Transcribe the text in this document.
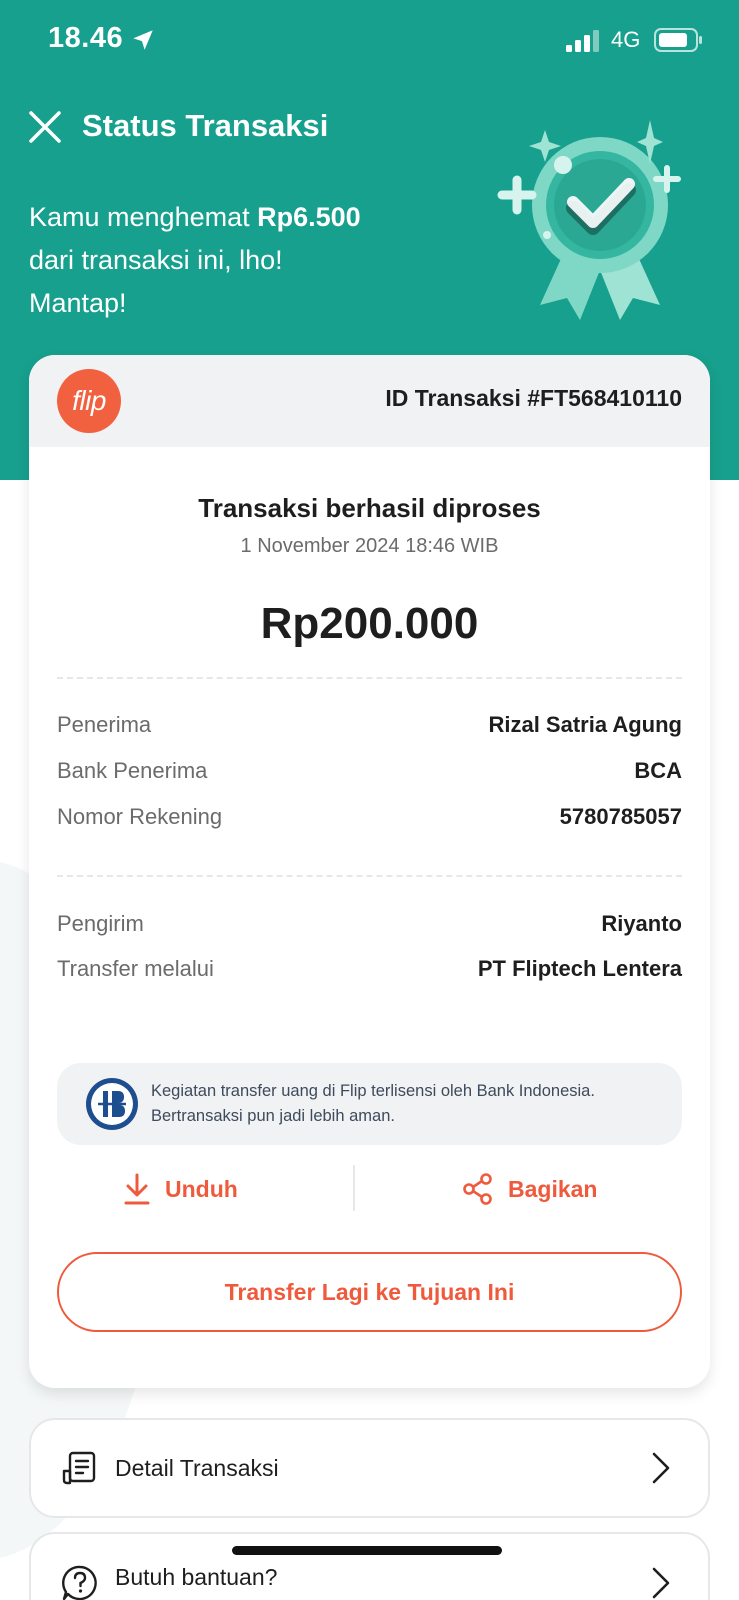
18.46	4G
Status Transaksi
Kamu menghemat Rp6.500
dari transaksi ini, lho!
Mantap!
flip	ID Transaksi #FT568410110
Transaksi berhasil diproses
1 November 2024 18:46 WIB
Rp200.000
Penerima	Rizal Satria Agung
Bank Penerima	BCA
Nomor Rekening	5780785057
Pengirim	Riyanto
Transfer melalui	PT Fliptech Lentera
Kegiatan transfer uang di Flip terlisensi oleh Bank Indonesia.
Bertransaksi pun jadi lebih aman.
Unduh	Bagikan
Transfer Lagi ke Tujuan Ini
Detail Transaksi
Butuh bantuan?
